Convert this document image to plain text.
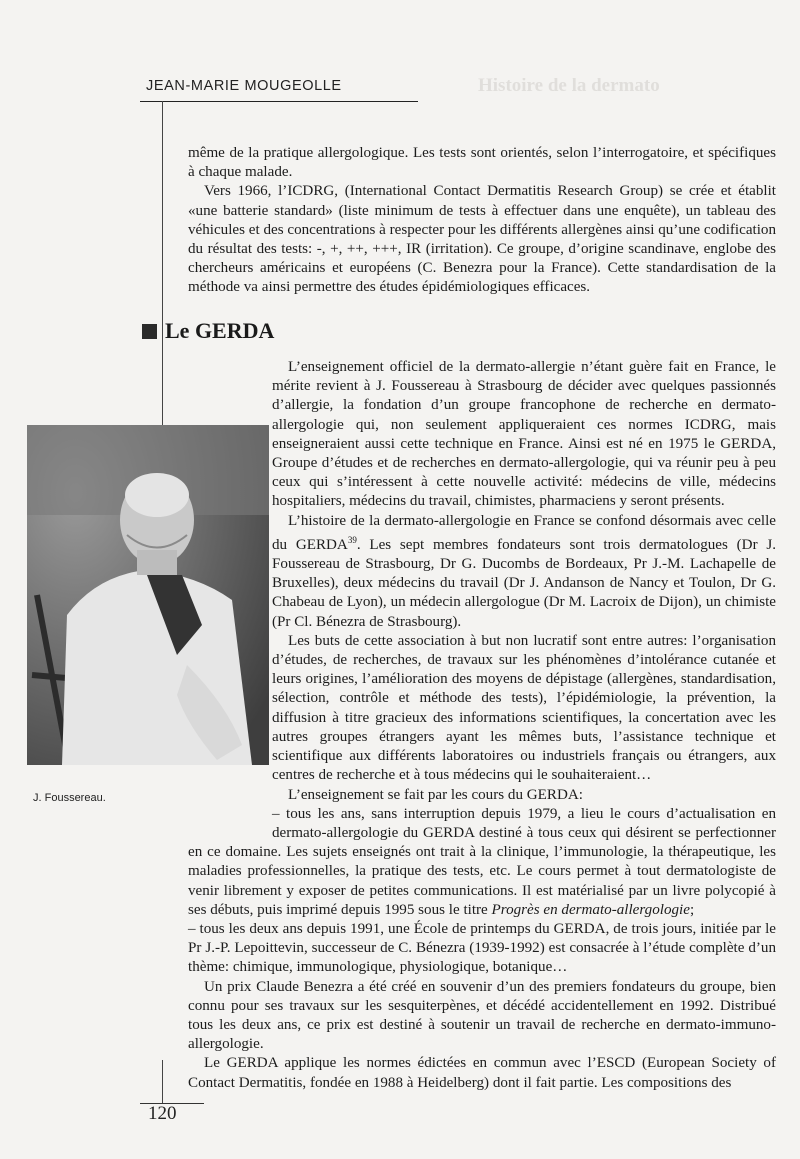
Histoire de la dermato
JEAN-MARIE MOUGEOLLE

même de la pratique allergologique. Les tests sont orientés, selon l’interrogatoire, et spécifiques à chaque malade.

Vers 1966, l’ICDRG, (International Contact Dermatitis Research Group) se crée et établit «une batterie standard» (liste minimum de tests à effectuer dans une enquête), un tableau des véhicules et des concentrations à respecter pour les différents allergènes ainsi qu’une codification du résultat des tests: -, +, ++, +++, IR (irritation). Ce groupe, d’origine scandinave, englobe des chercheurs américains et européens (C. Benezra pour la France). Cette standardisation de la méthode va ainsi permettre des études épidémiologiques efficaces.

Le GERDA
J. Foussereau.

L’enseignement officiel de la dermato-allergie n’étant guère fait en France, le mérite revient à J. Foussereau à Strasbourg de décider avec quelques passionnés d’allergie, la fondation d’un groupe francophone de recherche en dermato-allergologie qui, non seulement appliqueraient ces normes ICDRG, mais enseigneraient aussi cette technique en France. Ainsi est né en 1975 le GERDA, Groupe d’études et de recherches en dermato-allergologie, qui va réunir peu à peu ceux qui s’intéressent à cette nouvelle activité: médecins de ville, médecins hospitaliers, médecins du travail, chimistes, pharmaciens y seront présents.

L’histoire de la dermato-allergologie en France se confond désormais avec celle du GERDA$^{39}$. Les sept membres fondateurs sont trois dermatologues (Dr J. Foussereau de Strasbourg, Dr G. Ducombs de Bordeaux, Pr J.-M. Lachapelle de Bruxelles), deux médecins du travail (Dr J. Andanson de Nancy et Toulon, Dr G. Chabeau de Lyon), un médecin allergologue (Dr M. Lacroix de Dijon), un chimiste (Pr Cl. Bénezra de Strasbourg).

Les buts de cette association à but non lucratif sont entre autres: l’organisation d’études, de recherches, de travaux sur les phénomènes d’intolérance cutanée et leurs origines, l’amélioration des moyens de dépistage (allergènes, standardisation, sélection, contrôle et méthode des tests), l’épidémiologie, la prévention, la diffusion à titre gracieux des informations scientifiques, la concertation avec les autres groupes étrangers ayant les mêmes buts, l’assistance technique et scientifique aux différents laboratoires ou industriels français ou étrangers, aux centres de recherche et à tous médecins qui le souhaiteraient…

L’enseignement se fait par les cours du GERDA:

– tous les ans, sans interruption depuis 1979, a lieu le cours d’actualisation en dermato-allergologie du GERDA destiné à tous ceux qui désirent se perfectionner en ce domaine. Les sujets enseignés ont trait à la clinique, l’immunologie, la thérapeutique, les maladies professionnelles, la pratique des tests, etc. Le cours permet à tout dermatologiste de venir librement y exposer de petites communications. Il est matérialisé par un livre polycopié à ses débuts, puis imprimé depuis 1995 sous le titre Progrès en dermato-allergologie;

– tous les deux ans depuis 1991, une École de printemps du GERDA, de trois jours, initiée par le Pr J.-P. Lepoittevin, successeur de C. Bénezra (1939-1992) est consacrée à l’étude complète d’un thème: chimique, immunologique, physiologique, botanique…

Un prix Claude Benezra a été créé en souvenir d’un des premiers fondateurs du groupe, bien connu pour ses travaux sur les sesquiterpènes, et décédé accidentellement en 1992. Distribué tous les deux ans, ce prix est destiné à soutenir un travail de recherche en dermato-immuno-allergologie.

Le GERDA applique les normes édictées en commun avec l’ESCD (European Society of Contact Dermatitis, fondée en 1988 à Heidelberg) dont il fait partie. Les compositions des

120
